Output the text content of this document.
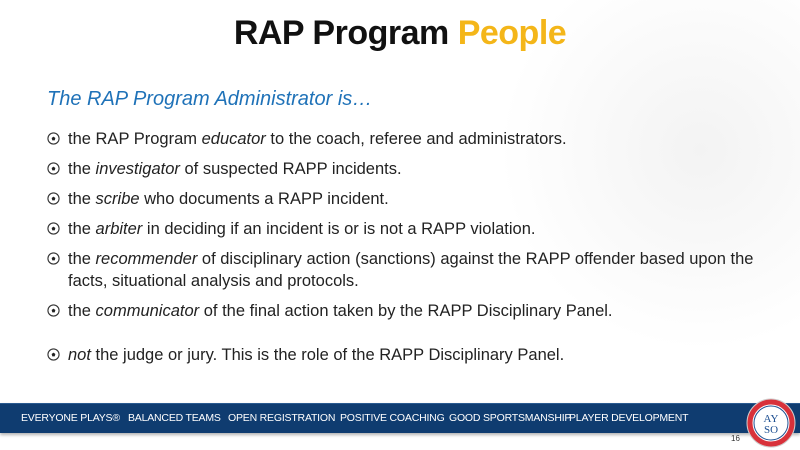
RAP Program People
The RAP Program Administrator is…
the RAP Program educator to the coach, referee and administrators.
the investigator of suspected RAPP incidents.
the scribe who documents a RAPP incident.
the arbiter in deciding if an incident is or is not a RAPP violation.
the recommender of disciplinary action (sanctions) against the RAPP offender based upon the facts, situational analysis and protocols.
the communicator of the final action taken by the RAPP Disciplinary Panel.
not the judge or jury. This is the role of the RAPP Disciplinary Panel.
EVERYONE PLAYS® BALANCED TEAMS OPEN REGISTRATION POSITIVE COACHING GOOD SPORTSMANSHIP
PLAYER DEVELOPMENT	AY
SO
16
